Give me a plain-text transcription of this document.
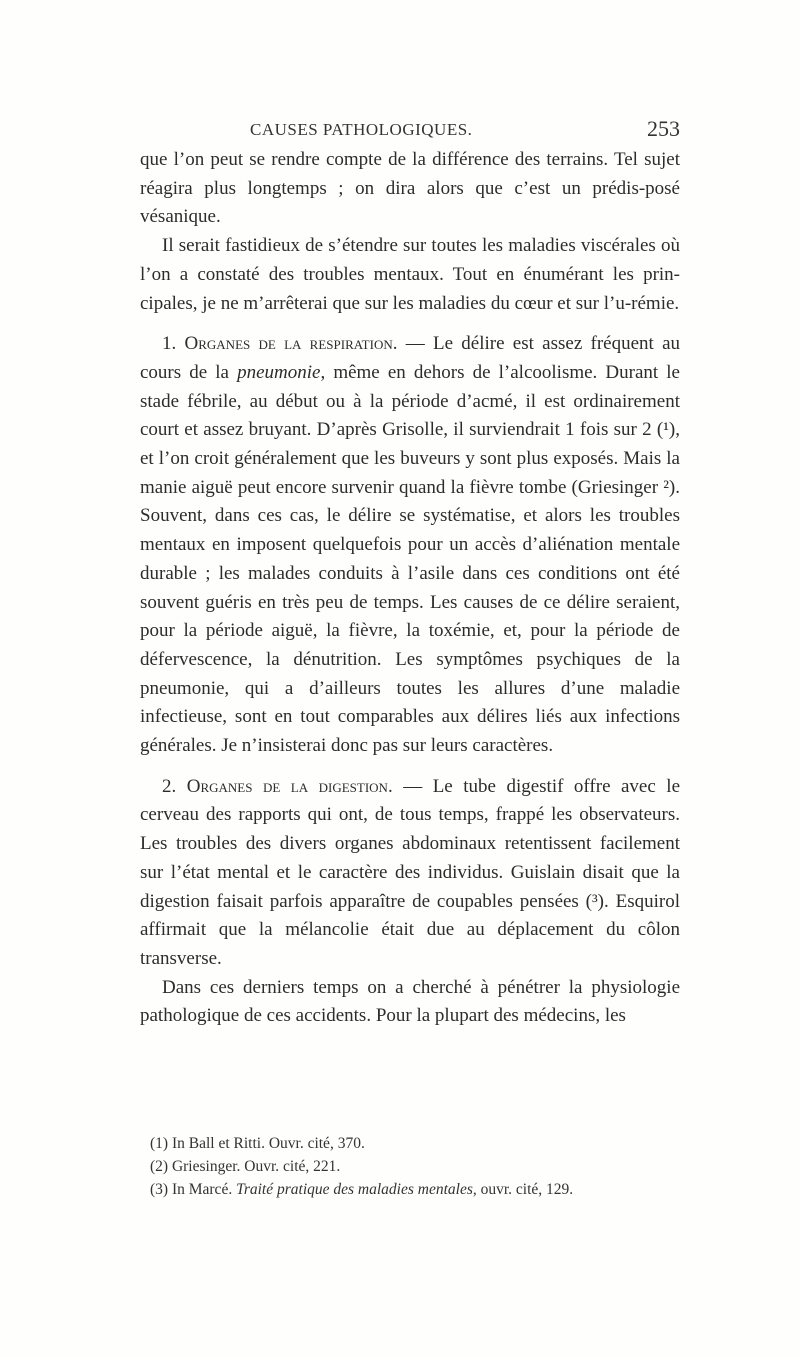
CAUSES PATHOLOGIQUES.	253

que l’on peut se rendre compte de la différence des terrains. Tel sujet réagira plus longtemps ; on dira alors que c’est un prédis-posé vésanique.

Il serait fastidieux de s’étendre sur toutes les maladies viscérales où l’on a constaté des troubles mentaux. Tout en énumérant les prin-cipales, je ne m’arrêterai que sur les maladies du cœur et sur l’u-rémie.

1. Organes de la respiration. — Le délire est assez fréquent au cours de la pneumonie, même en dehors de l’alcoolisme. Durant le stade fébrile, au début ou à la période d’acmé, il est ordinairement court et assez bruyant. D’après Grisolle, il surviendrait 1 fois sur 2 (¹), et l’on croit généralement que les buveurs y sont plus exposés. Mais la manie aiguë peut encore survenir quand la fièvre tombe (Griesinger ²). Souvent, dans ces cas, le délire se systématise, et alors les troubles mentaux en imposent quelquefois pour un accès d’aliénation mentale durable ; les malades conduits à l’asile dans ces conditions ont été souvent guéris en très peu de temps. Les causes de ce délire seraient, pour la période aiguë, la fièvre, la toxémie, et, pour la période de défervescence, la dénutrition. Les symptômes psychiques de la pneumonie, qui a d’ailleurs toutes les allures d’une maladie infectieuse, sont en tout comparables aux délires liés aux infections générales. Je n’insisterai donc pas sur leurs caractères.

2. Organes de la digestion. — Le tube digestif offre avec le cerveau des rapports qui ont, de tous temps, frappé les observateurs. Les troubles des divers organes abdominaux retentissent facilement sur l’état mental et le caractère des individus. Guislain disait que la digestion faisait parfois apparaître de coupables pensées (³). Esquirol affirmait que la mélancolie était due au déplacement du côlon transverse.

Dans ces derniers temps on a cherché à pénétrer la physiologie pathologique de ces accidents. Pour la plupart des médecins, les

(1) In Ball et Ritti. Ouvr. cité, 370.
(2) Griesinger. Ouvr. cité, 221.
(3) In Marcé. Traité pratique des maladies mentales, ouvr. cité, 129.
